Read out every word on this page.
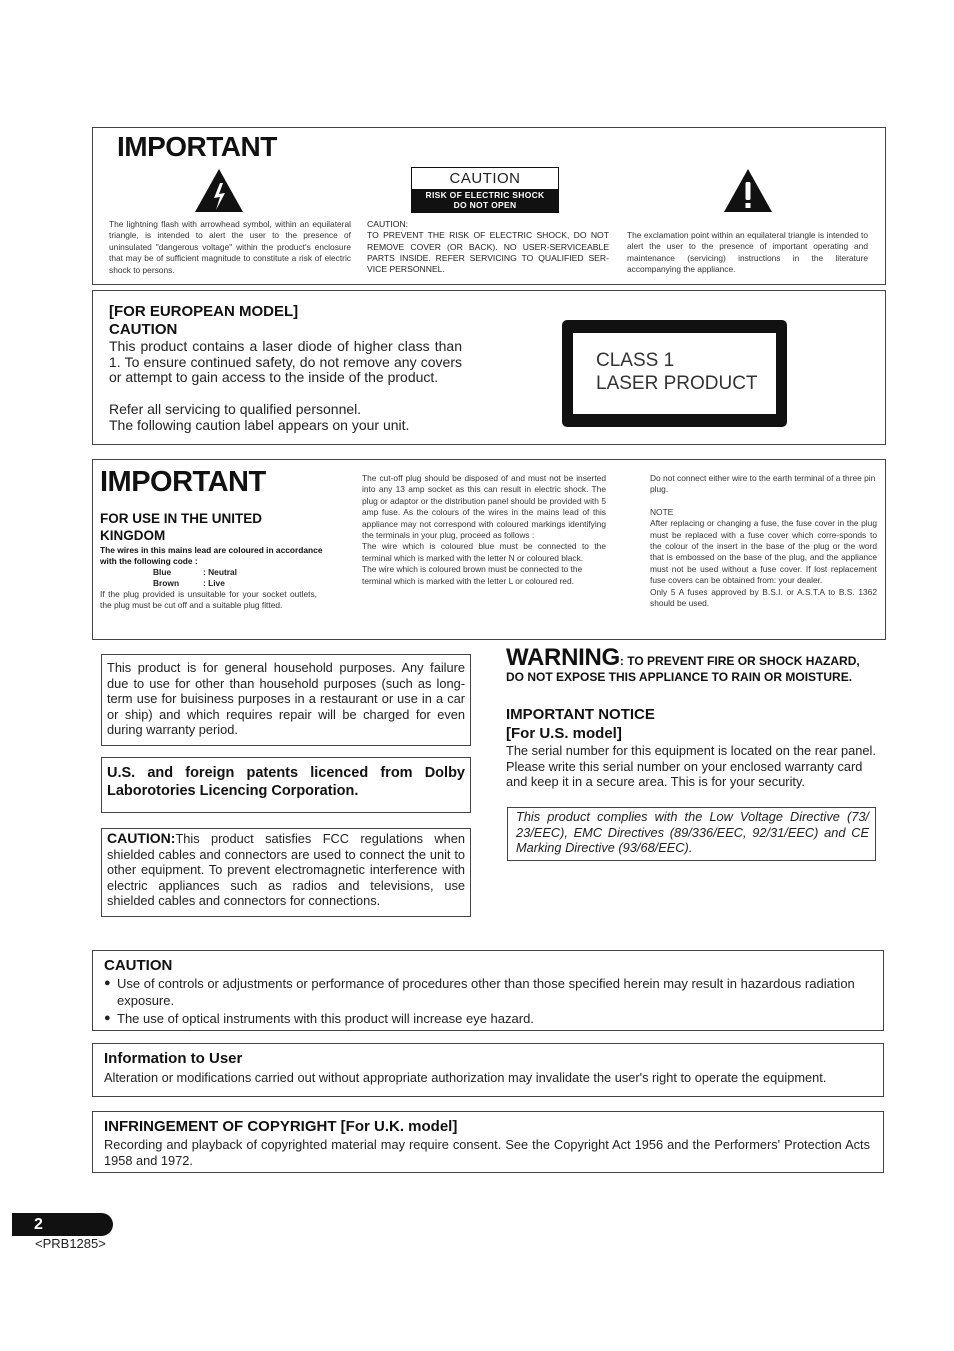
IMPORTANT
The lightning flash with arrowhead symbol, within an equilateral triangle, is intended to alert the user to the presence of uninsulated "dangerous voltage" within the product's enclosure that may be of sufficient magnitude to constitute a risk of electric shock to persons.
CAUTION
RISK OF ELECTRIC SHOCK
DO NOT OPEN
CAUTION:
TO PREVENT THE RISK OF ELECTRIC SHOCK, DO NOT REMOVE COVER (OR BACK). NO USER-SERVICEABLE PARTS INSIDE. REFER SERVICING TO QUALIFIED SER-VICE PERSONNEL.
The exclamation point within an equilateral triangle is intended to alert the user to the presence of important operating and maintenance (servicing) instructions in the literature accompanying the appliance.
[FOR EUROPEAN MODEL]
CAUTION
This product contains a laser diode of higher class than 1. To ensure continued safety, do not remove any covers or attempt to gain access to the inside of the product.
Refer all servicing to qualified personnel.
The following caution label appears on your unit.
CLASS 1
LASER PRODUCT
IMPORTANT
FOR USE IN THE UNITED KINGDOM
The wires in this mains lead are coloured in accordance with the following code :
Blue	: Neutral
Brown	: Live
If the plug provided is unsuitable for your socket outlets, the plug must be cut off and a suitable plug fitted.
The cut-off plug should be disposed of and must not be inserted into any 13 amp socket as this can result in electric shock. The plug or adaptor or the distribution panel should be provided with 5 amp fuse. As the colours of the wires in the mains lead of this appliance may not correspond with coloured markings identifying the terminals in your plug, proceed as follows :
The wire which is coloured blue must be connected to the terminal which is marked with the letter N or coloured black.
The wire which is coloured brown must be connected to the terminal which is marked with the letter L or coloured red.
Do not connect either wire to the earth terminal of a three pin plug.
NOTE
After replacing or changing a fuse, the fuse cover in the plug must be replaced with a fuse cover which corre-sponds to the colour of the insert in the base of the plug or the word that is embossed on the base of the plug, and the appliance must not be used without a fuse cover. If lost replacement fuse covers can be obtained from: your dealer.
Only 5 A fuses approved by B.S.I. or A.S.T.A to B.S. 1362 should be used.
This product is for general household purposes. Any failure due to use for other than household purposes (such as long-term use for buisiness purposes in a restaurant or use in a car or ship) and which requires repair will be charged for even during warranty period.
U.S. and foreign patents licenced from Dolby Laborotories Licencing Corporation.
CAUTION:This product satisfies FCC regulations when shielded cables and connectors are used to connect the unit to other equipment. To prevent electromagnetic interference with electric appliances such as radios and televisions, use shielded cables and connectors for connections.
WARNING: TO PREVENT FIRE OR SHOCK HAZARD, DO NOT EXPOSE THIS APPLIANCE TO RAIN OR MOISTURE.
IMPORTANT NOTICE
[For U.S. model]
The serial number for this equipment is located on the rear panel. Please write this serial number on your enclosed warranty card and keep it in a secure area. This is for your security.
This product complies with the Low Voltage Directive (73/ 23/EEC), EMC Directives (89/336/EEC, 92/31/EEC) and CE Marking Directive (93/68/EEC).
CAUTION
● Use of controls or adjustments or performance of procedures other than those specified herein may result in hazardous radiation exposure.
● The use of optical instruments with this product will increase eye hazard.
Information to User
Alteration or modifications carried out without appropriate authorization may invalidate the user's right to operate the equipment.
INFRINGEMENT OF COPYRIGHT [For U.K. model]
Recording and playback of copyrighted material may require consent. See the Copyright Act 1956 and the Performers' Protection Acts 1958 and 1972.
2
<PRB1285>
